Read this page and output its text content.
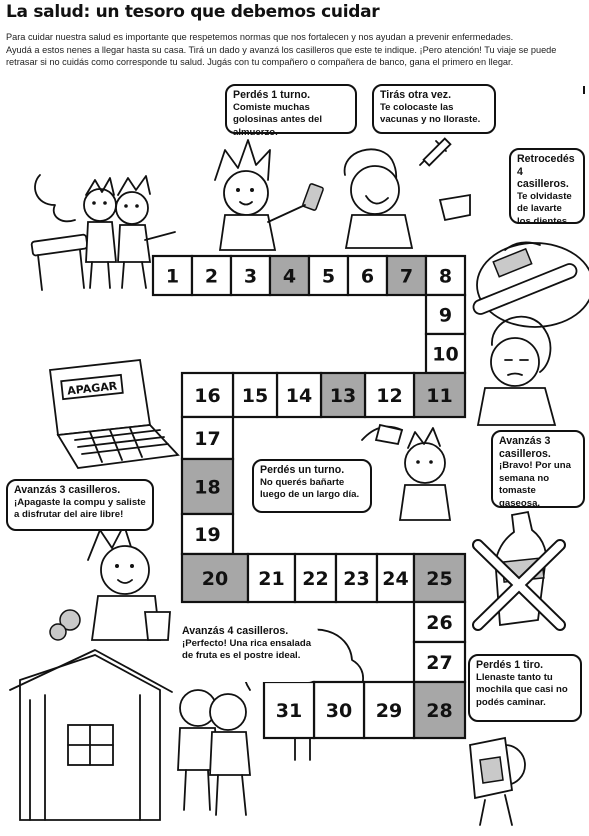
La salud: un tesoro que debemos cuidar

Para cuidar nuestra salud es importante que respetemos normas que nos fortalecen y nos ayudan a prevenir enfermedades.

Ayudá a estos nenes a llegar hasta su casa. Tirá un dado y avanzá los casilleros que este te indique. ¡Pero atención! Tu viaje se puede retrasar si no cuidás como corresponde tu salud. Jugás con tu compañero o compañera de banco, gana el primero en llegar.

APAGAR
1 2 3 4 5 6 7 8
9
10
11
12
13
14
15
16
17
18
19
20 21 22 23 24 25
26
27
28
29
30
31
Perdés 1 turno.
Comiste muchas golosinas antes del almuerzo.
Tirás otra vez.
Te colocaste las vacunas y no lloraste.
Retrocedés 4 casilleros.
Te olvidaste de lavarte los dientes.
Perdés un turno.
No querés bañarte luego de un largo día.
Avanzás 3 casilleros.
¡Bravo! Por una semana no tomaste gaseosa.
Avanzás 3 casilleros.
¡Apagaste la compu y saliste a disfrutar del aire libre!
Avanzás 4 casilleros.
¡Perfecto! Una rica ensalada de fruta es el postre ideal.
Perdés 1 tiro.
Llenaste tanto tu mochila que casi no podés caminar.
